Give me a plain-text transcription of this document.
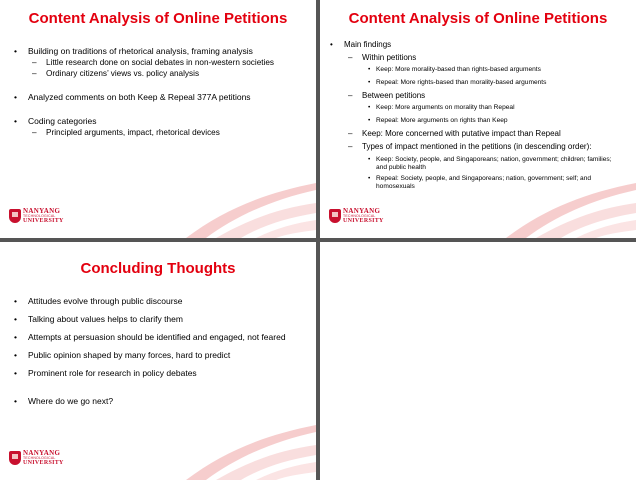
Content Analysis of Online Petitions

•	Building on traditions of rhetorical analysis, framing analysis

–	Little research done on social debates in non-western societies

–	Ordinary citizens’ views vs. policy analysis

•	Analyzed comments on both Keep & Repeal 377A petitions

•	Coding categories

–	Principled arguments, impact, rhetorical devices

NANYANG
TECHNOLOGICAL
UNIVERSITY
Content Analysis of Online Petitions

•	Main findings

–	Within petitions

• Keep: More morality-based than rights-based arguments

• Repeal: More rights-based than morality-based arguments

–	Between petitions

• Keep: More arguments on morality than Repeal

• Repeal: More arguments on rights than Keep

–	Keep: More concerned with putative impact than Repeal

–	Types of impact mentioned in the petitions (in descending order):

• Keep: Society, people, and Singaporeans; nation, government; children; families; and public health

• Repeal: Society, people, and Singaporeans; nation, government; self; and homosexuals

NANYANG
TECHNOLOGICAL
UNIVERSITY
Concluding Thoughts

•	Attitudes evolve through public discourse

•	Talking about values helps to clarify them

•	Attempts at persuasion should be identified and engaged, not feared

•	Public opinion shaped by many forces, hard to predict

•	Prominent role for research in policy debates

•	Where do we go next?

NANYANG
TECHNOLOGICAL
UNIVERSITY
